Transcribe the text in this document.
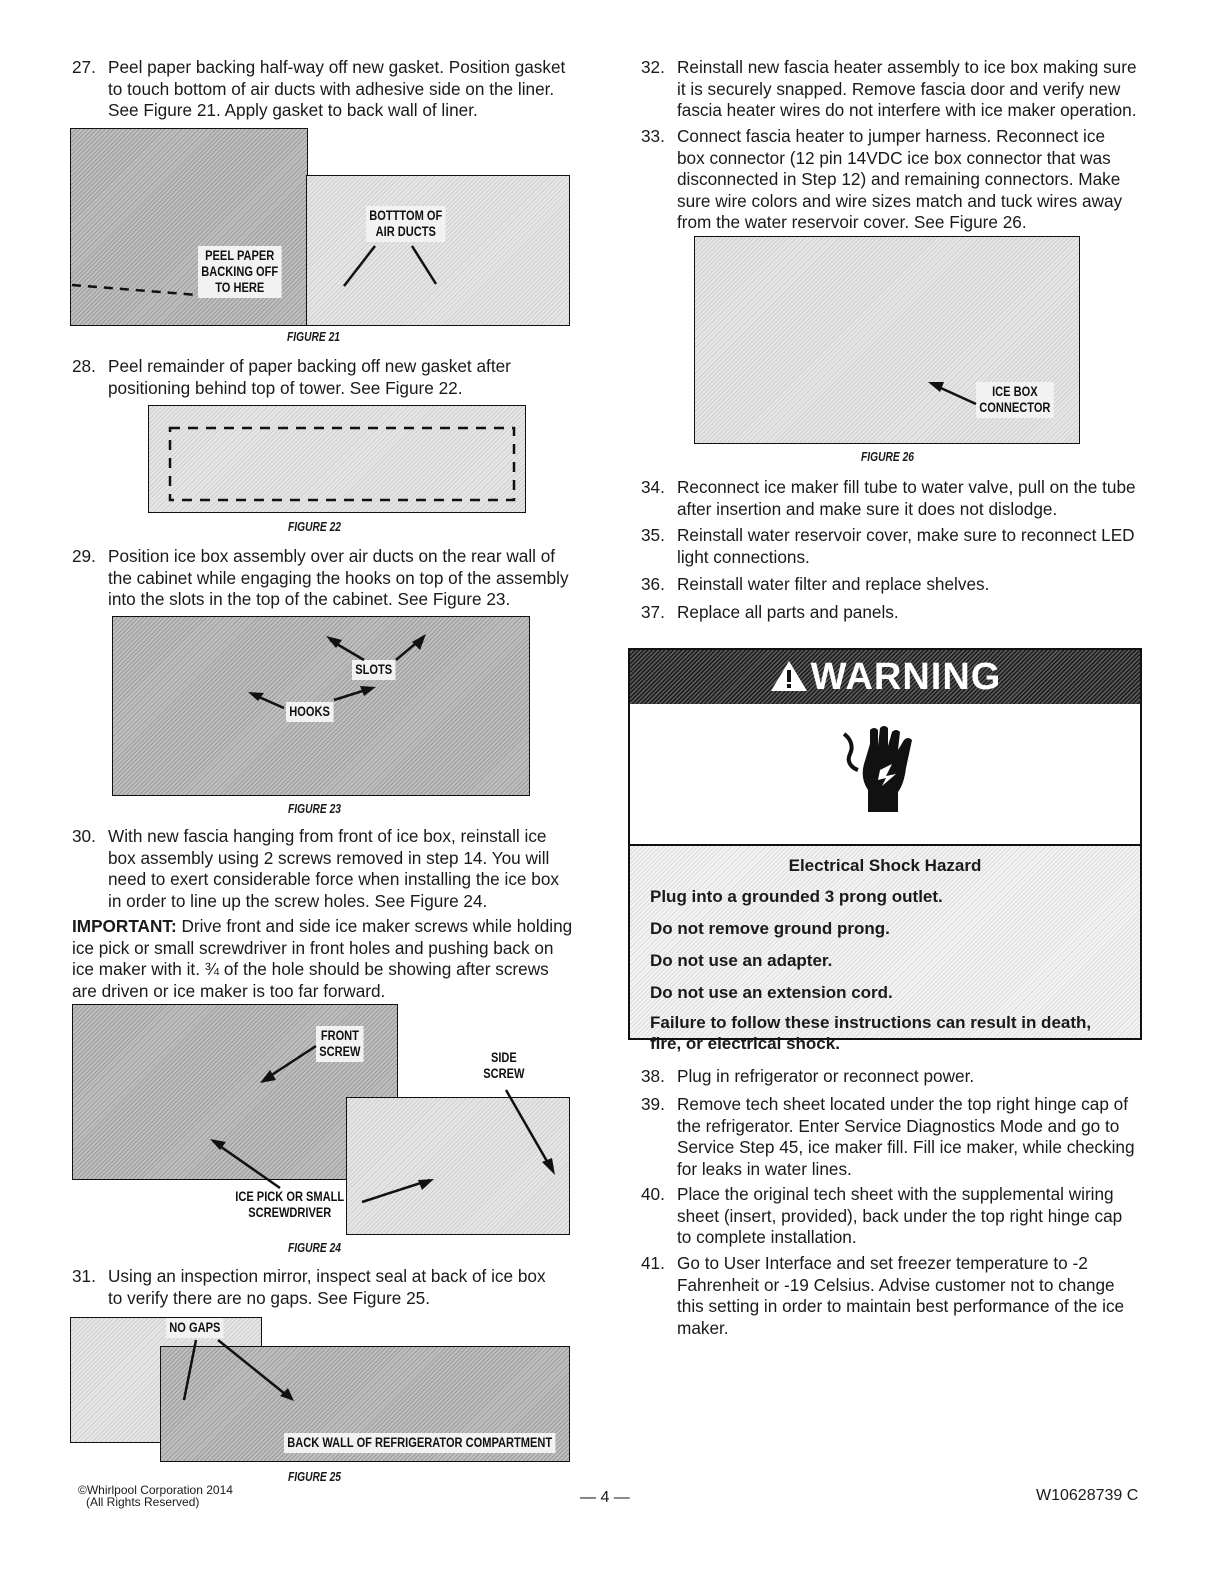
27. Peel paper backing half-way off new gasket. Position gasket
to touch bottom of air ducts with adhesive side on the liner.
See Figure 21. Apply gasket to back wall of liner.
BOTTTOM OF
AIR DUCTS
PEEL PAPER
BACKING OFF
TO HERE
FIGURE 21
28. Peel remainder of paper backing off new gasket after
positioning behind top of tower. See Figure 22.
FIGURE 22
29. Position ice box assembly over air ducts on the rear wall of
the cabinet while engaging the hooks on top of the assembly
into the slots in the top of the cabinet. See Figure 23.
SLOTS
HOOKS
FIGURE 23
30. With new fascia hanging from front of ice box, reinstall ice
box assembly using 2 screws removed in step 14. You will
need to exert considerable force when installing the ice box
in order to line up the screw holes. See Figure 24.
IMPORTANT: Drive front and side ice maker screws while holding
ice pick or small screwdriver in front holes and pushing back on
ice maker with it. ¾ of the hole should be showing after screws
are driven or ice maker is too far forward.
FRONT
SCREW	SIDE
SCREW
ICE PICK OR SMALL
SCREWDRIVER
FIGURE 24
31. Using an inspection mirror, inspect seal at back of ice box
to verify there are no gaps. See Figure 25.
NO GAPS
BACK WALL OF REFRIGERATOR COMPARTMENT
FIGURE 25
32. Reinstall new fascia heater assembly to ice box making sure
it is securely snapped. Remove fascia door and verify new
fascia heater wires do not interfere with ice maker operation.
33. Connect fascia heater to jumper harness. Reconnect ice
box connector (12 pin 14VDC ice box connector that was
disconnected in Step 12) and remaining connectors. Make
sure wire colors and wire sizes match and tuck wires away
from the water reservoir cover. See Figure 26.
ICE BOX
CONNECTOR
FIGURE 26
34. Reconnect ice maker fill tube to water valve, pull on the tube
after insertion and make sure it does not dislodge.
35. Reinstall water reservoir cover, make sure to reconnect LED
light connections.
36. Reinstall water filter and replace shelves.
37. Replace all parts and panels.
WARNING
Electrical Shock Hazard
Plug into a grounded 3 prong outlet.
Do not remove ground prong.
Do not use an adapter.
Do not use an extension cord.
Failure to follow these instructions can result in death,
fire, or electrical shock.
38. Plug in refrigerator or reconnect power.
39. Remove tech sheet located under the top right hinge cap of
the refrigerator. Enter Service Diagnostics Mode and go to
Service Step 45, ice maker fill. Fill ice maker, while checking
for leaks in water lines.
40. Place the original tech sheet with the supplemental wiring
sheet (insert, provided), back under the top right hinge cap
to complete installation.
41. Go to User Interface and set freezer temperature to -2
Fahrenheit or -19 Celsius. Advise customer not to change
this setting in order to maintain best performance of the ice
maker.
©Whirlpool Corporation 2014
(All Rights Reserved)	— 4 —	W10628739 C
